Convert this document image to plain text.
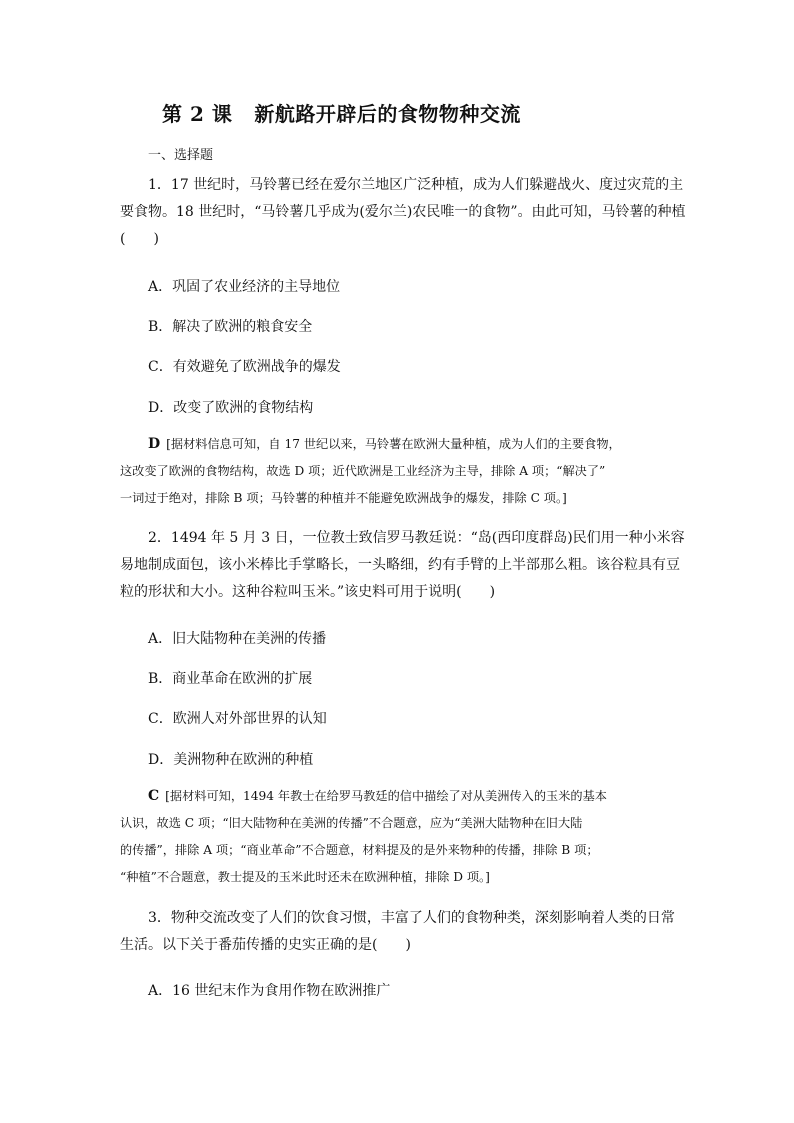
第 2 课 新航路开辟后的食物物种交流
一、选择题
1．17 世纪时，马铃薯已经在爱尔兰地区广泛种植，成为人们躲避战火、度过灾荒的主
要食物。18 世纪时，“马铃薯几乎成为(爱尔兰)农民唯一的食物”。由此可知，马铃薯的种植
(　　)
A．巩固了农业经济的主导地位
B．解决了欧洲的粮食安全
C．有效避免了欧洲战争的爆发
D．改变了欧洲的食物结构
D [据材料信息可知，自 17 世纪以来，马铃薯在欧洲大量种植，成为人们的主要食物，
这改变了欧洲的食物结构，故选 D 项；近代欧洲是工业经济为主导，排除 A 项；“解决了”
一词过于绝对，排除 B 项；马铃薯的种植并不能避免欧洲战争的爆发，排除 C 项。]
2．1494 年 5 月 3 日，一位教士致信罗马教廷说：“岛(西印度群岛)民们用一种小米容
易地制成面包，该小米棒比手掌略长，一头略细，约有手臂的上半部那么粗。该谷粒具有豆
粒的形状和大小。这种谷粒叫玉米。”该史料可用于说明(　　)
A．旧大陆物种在美洲的传播
B．商业革命在欧洲的扩展
C．欧洲人对外部世界的认知
D．美洲物种在欧洲的种植
C [据材料可知，1494 年教士在给罗马教廷的信中描绘了对从美洲传入的玉米的基本
认识，故选 C 项；“旧大陆物种在美洲的传播”不合题意，应为“美洲大陆物种在旧大陆
的传播”，排除 A 项；“商业革命”不合题意，材料提及的是外来物种的传播，排除 B 项；
“种植”不合题意，教士提及的玉米此时还未在欧洲种植，排除 D 项。]
3．物种交流改变了人们的饮食习惯，丰富了人们的食物种类，深刻影响着人类的日常
生活。以下关于番茄传播的史实正确的是(　　)
A．16 世纪末作为食用作物在欧洲推广
